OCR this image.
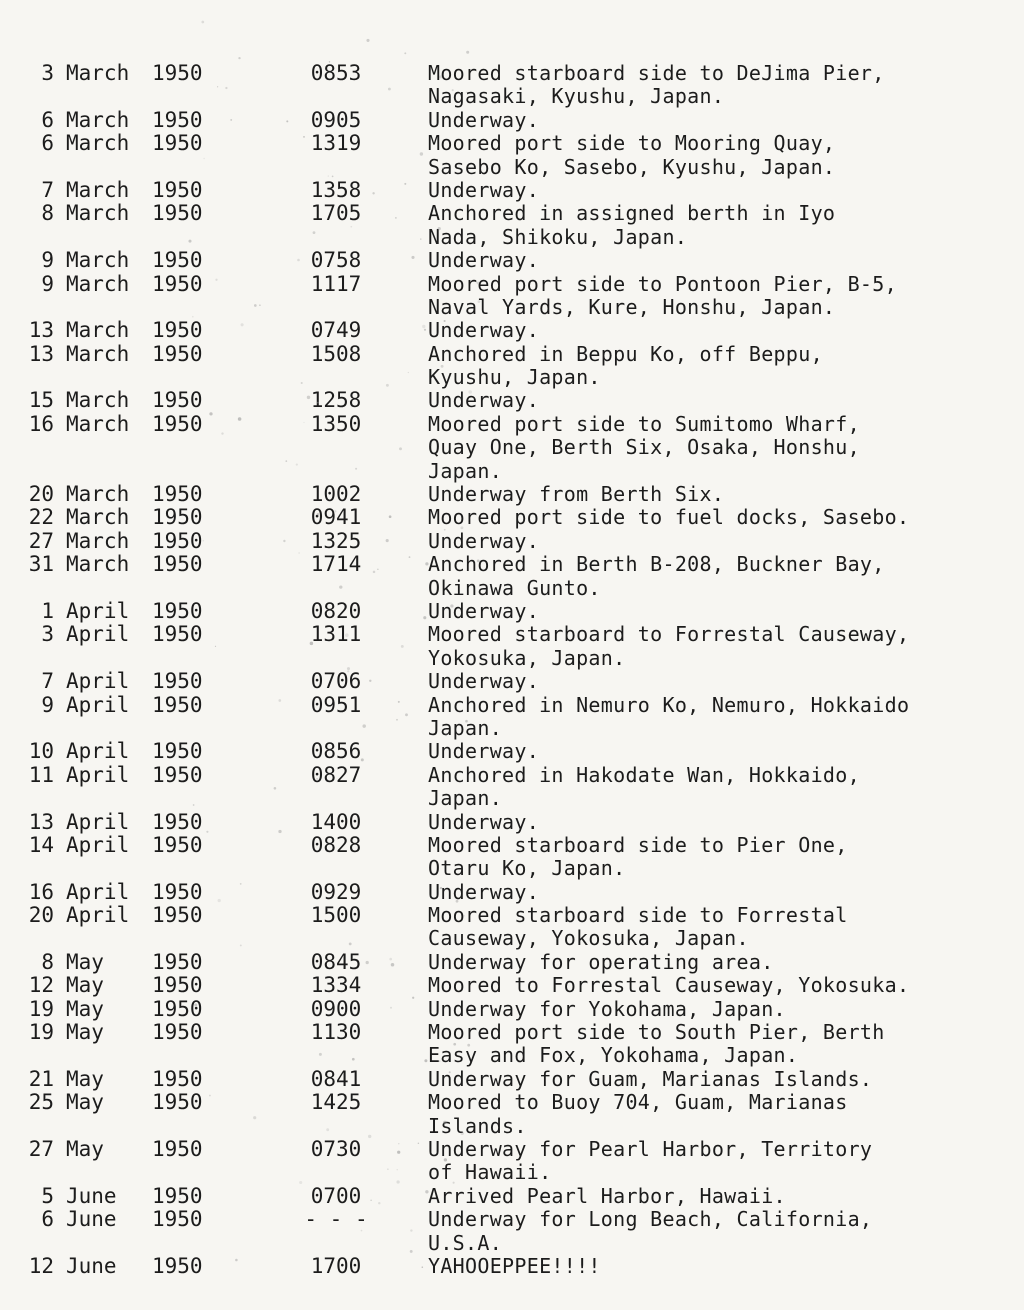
3 March 1950	0853	Moored starboard side to DeJima Pier,
Nagasaki, Kyushu, Japan.
6 March 1950	0905	Underway.
6 March 1950	1319	Moored port side to Mooring Quay,
Sasebo Ko, Sasebo, Kyushu, Japan.
7 March 1950	1358	Underway.
8 March 1950	1705	Anchored in assigned berth in Iyo
Nada, Shikoku, Japan.
9 March 1950	0758	Underway.
9 March 1950	1117	Moored port side to Pontoon Pier, B-5,
Naval Yards, Kure, Honshu, Japan.
13 March 1950	0749	Underway.
13 March 1950	1508	Anchored in Beppu Ko, off Beppu,
Kyushu, Japan.
15 March 1950	1258	Underway.
16 March 1950	1350	Moored port side to Sumitomo Wharf,
Quay One, Berth Six, Osaka, Honshu,
Japan.
20 March 1950	1002	Underway from Berth Six.
22 March 1950	0941	Moored port side to fuel docks, Sasebo.
27 March 1950	1325	Underway.
31 March 1950	1714	Anchored in Berth B-208, Buckner Bay,
Okinawa Gunto.
1 April 1950	0820	Underway.
3 April 1950	1311	Moored starboard to Forrestal Causeway,
Yokosuka, Japan.
7 April 1950	0706	Underway.
9 April 1950	0951	Anchored in Nemuro Ko, Nemuro, Hokkaido
Japan.
10 April 1950	0856	Underway.
11 April 1950	0827	Anchored in Hakodate Wan, Hokkaido,
Japan.
13 April 1950	1400	Underway.
14 April 1950	0828	Moored starboard side to Pier One,
Otaru Ko, Japan.
16 April 1950	0929	Underway.
20 April 1950	1500	Moored starboard side to Forrestal
Causeway, Yokosuka, Japan.
8 May 1950	0845	Underway for operating area.
12 May 1950	1334	Moored to Forrestal Causeway, Yokosuka.
19 May 1950	0900	Underway for Yokohama, Japan.
19 May 1950	1130	Moored port side to South Pier, Berth
Easy and Fox, Yokohama, Japan.
21 May 1950	0841	Underway for Guam, Marianas Islands.
25 May 1950	1425	Moored to Buoy 704, Guam, Marianas
Islands.
27 May 1950	0730	Underway for Pearl Harbor, Territory
of Hawaii.
5 June 1950	0700	Arrived Pearl Harbor, Hawaii.
6 June 1950	- - -	Underway for Long Beach, California,
U.S.A.
12 June 1950	1700	YAHOOEPPEE!!!!
